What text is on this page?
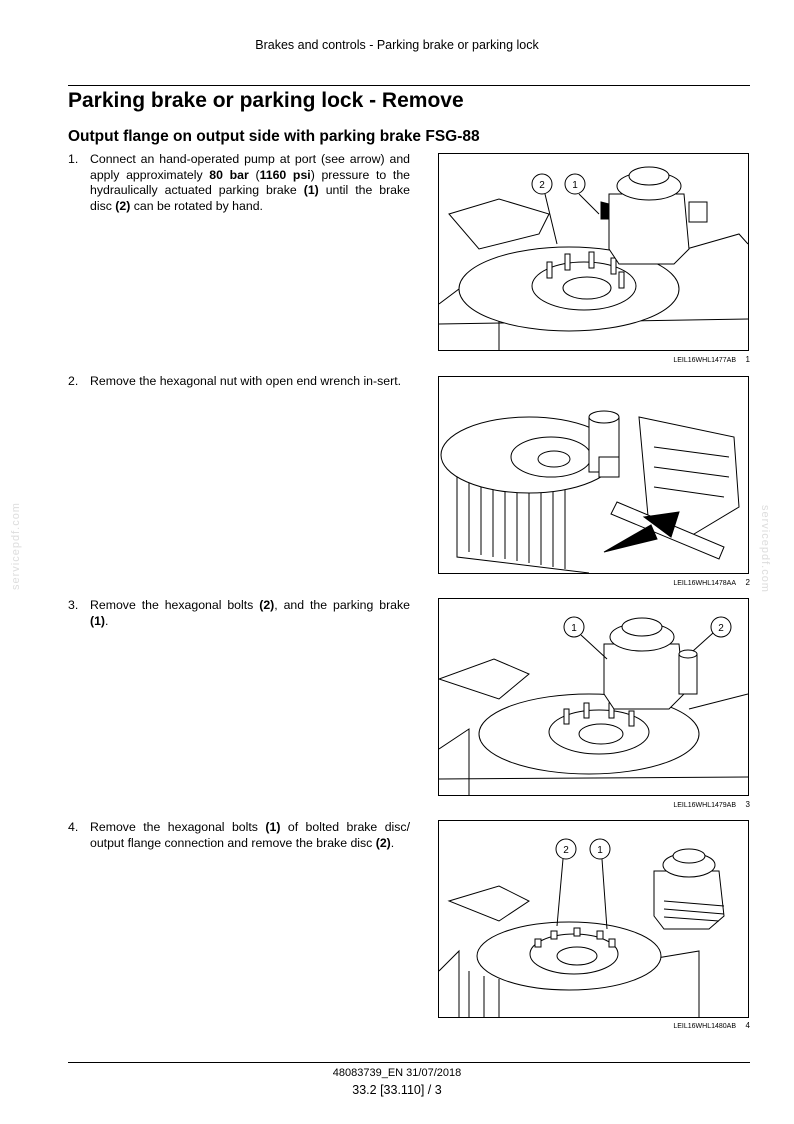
Brakes and controls - Parking brake or parking lock
Parking brake or parking lock - Remove
Output flange on output side with parking brake FSG-88
1. Connect an hand-operated pump at port (see arrow) and apply approximately 80 bar (1160 psi) pressure to the hydraulically actuated parking brake (1) until the brake disc (2) can be rotated by hand.
2. Remove the hexagonal nut with open end wrench in-sert.
3. Remove the hexagonal bolts (2), and the parking brake (1).
4. Remove the hexagonal bolts (1) of bolted brake disc/ output flange connection and remove the brake disc (2).
2	1
LEIL16WHL1477AB 1
LEIL16WHL1478AA 2
1	2
LEIL16WHL1479AB 3
2	1
LEIL16WHL1480AB 4
servicepdf.com	servicepdf.com
48083739_EN 31/07/2018
33.2 [33.110] / 3
